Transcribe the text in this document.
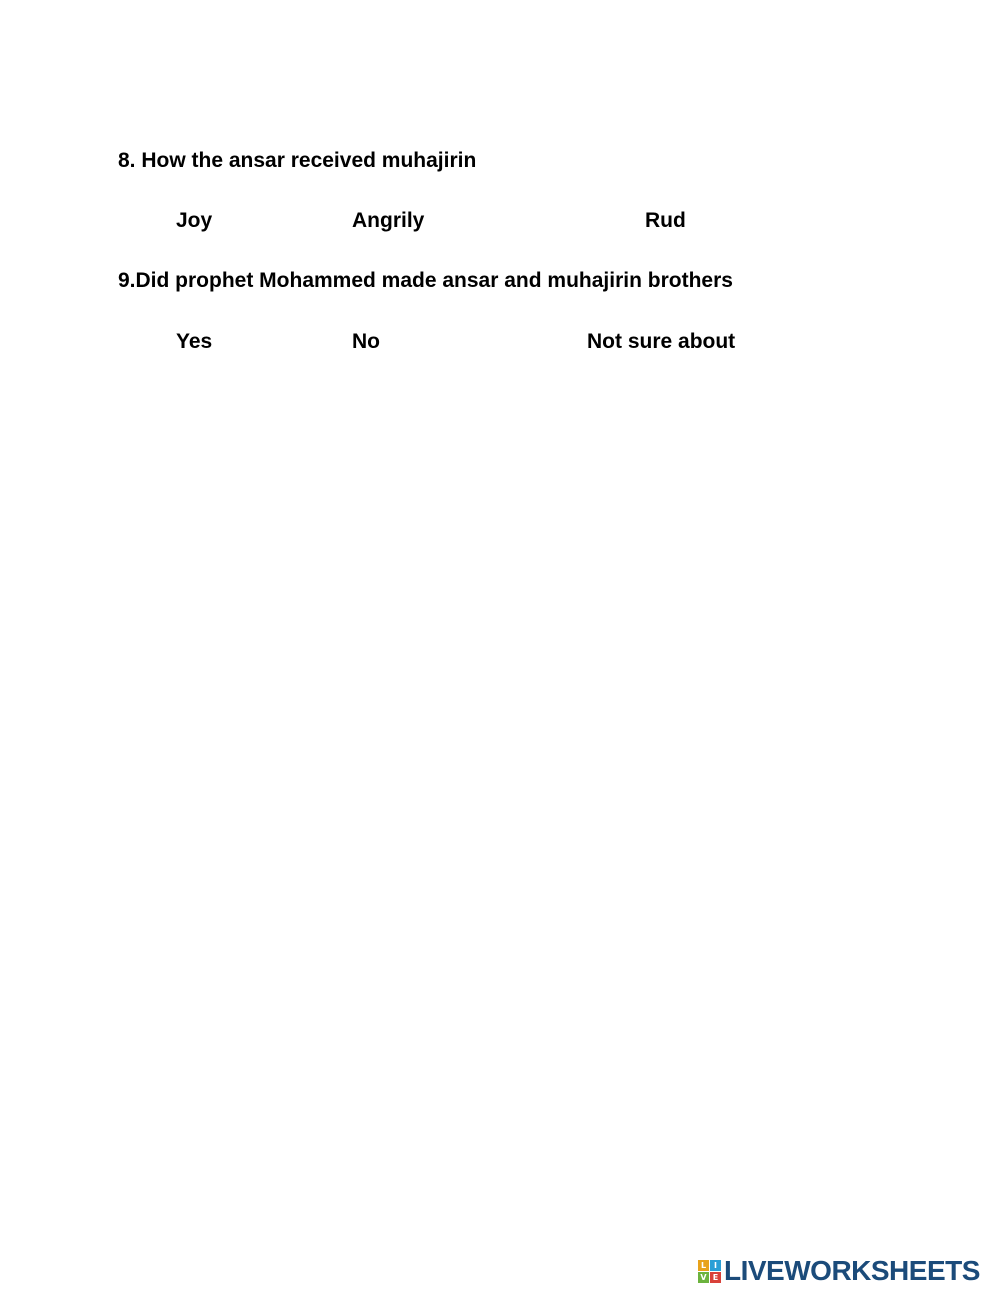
8. How the ansar received muhajirin
Joy	Angrily	Rud
9.Did prophet Mohammed made ansar and muhajirin brothers
Yes	No	Not sure about
L I
V E LIVEWORKSHEETS
